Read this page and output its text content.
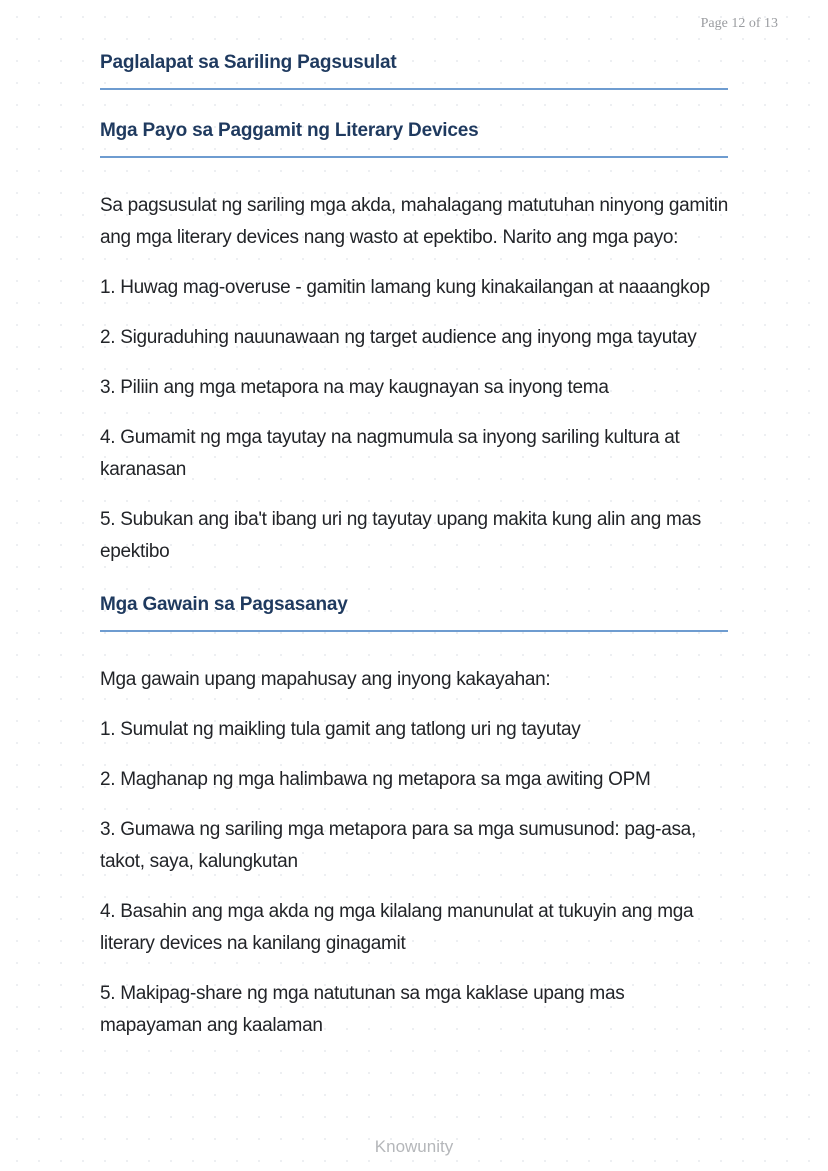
Page 12 of 13
Paglalapat sa Sariling Pagsusulat
Mga Payo sa Paggamit ng Literary Devices

Sa pagsusulat ng sariling mga akda, mahalagang matutuhan ninyong gamitin ang mga literary devices nang wasto at epektibo. Narito ang mga payo:

1. Huwag mag-overuse - gamitin lamang kung kinakailangan at naaangkop

2. Siguraduhing nauunawaan ng target audience ang inyong mga tayutay

3. Piliin ang mga metapora na may kaugnayan sa inyong tema

4. Gumamit ng mga tayutay na nagmumula sa inyong sariling kultura at karanasan

5. Subukan ang iba't ibang uri ng tayutay upang makita kung alin ang mas epektibo

Mga Gawain sa Pagsasanay

Mga gawain upang mapahusay ang inyong kakayahan:

1. Sumulat ng maikling tula gamit ang tatlong uri ng tayutay

2. Maghanap ng mga halimbawa ng metapora sa mga awiting OPM

3. Gumawa ng sariling mga metapora para sa mga sumusunod: pag-asa, takot, saya, kalungkutan

4. Basahin ang mga akda ng mga kilalang manunulat at tukuyin ang mga literary devices na kanilang ginagamit

5. Makipag-share ng mga natutunan sa mga kaklase upang mas mapayaman ang kaalaman

Knowunity
